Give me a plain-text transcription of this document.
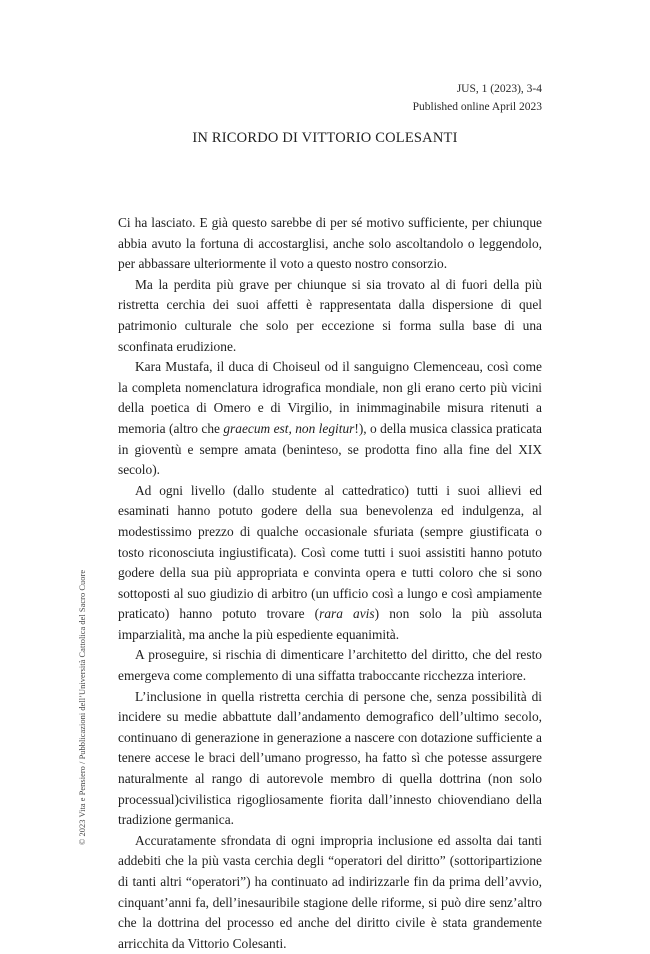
JUS, 1 (2023), 3-4
Published online April 2023
IN RICORDO DI VITTORIO COLESANTI

Ci ha lasciato. E già questo sarebbe di per sé motivo sufficiente, per chiunque abbia avuto la fortuna di accostarglisi, anche solo ascoltandolo o leggendolo, per abbassare ulteriormente il voto a questo nostro consorzio.

Ma la perdita più grave per chiunque si sia trovato al di fuori della più ristretta cerchia dei suoi affetti è rappresentata dalla dispersione di quel patrimonio culturale che solo per eccezione si forma sulla base di una sconfinata erudizione.

Kara Mustafa, il duca di Choiseul od il sanguigno Clemenceau, così come la completa nomenclatura idrografica mondiale, non gli erano certo più vicini della poetica di Omero e di Virgilio, in inimmaginabile misura ritenuti a memoria (altro che graecum est, non legitur!), o della musica classica praticata in gioventù e sempre amata (beninteso, se prodotta fino alla fine del XIX secolo).

Ad ogni livello (dallo studente al cattedratico) tutti i suoi allievi ed esaminati hanno potuto godere della sua benevolenza ed indulgenza, al modestissimo prezzo di qualche occasionale sfuriata (sempre giustificata o tosto riconosciuta ingiustificata). Così come tutti i suoi assistiti hanno potuto godere della sua più appropriata e convinta opera e tutti coloro che si sono sottoposti al suo giudizio di arbitro (un ufficio così a lungo e così ampiamente praticato) hanno potuto trovare (rara avis) non solo la più assoluta imparzialità, ma anche la più espediente equanimità.

A proseguire, si rischia di dimenticare l’architetto del diritto, che del resto emergeva come complemento di una siffatta traboccante ricchezza interiore.

L’inclusione in quella ristretta cerchia di persone che, senza possibilità di incidere su medie abbattute dall’andamento demografico dell’ultimo secolo, continuano di generazione in generazione a nascere con dotazione sufficiente a tenere accese le braci dell’umano progresso, ha fatto sì che potesse assurgere naturalmente al rango di autorevole membro di quella dottrina (non solo processual)civilistica rigogliosamente fiorita dall’innesto chiovendiano della tradizione germanica.

Accuratamente sfrondata di ogni impropria inclusione ed assolta dai tanti addebiti che la più vasta cerchia degli “operatori del diritto” (sottoripartizione di tanti altri “operatori”) ha continuato ad indirizzarle fin da prima dell’avvio, cinquant’anni fa, dell’inesauribile stagione delle riforme, si può dire senz’altro che la dottrina del processo ed anche del diritto civile è stata grandemente arricchita da Vittorio Colesanti.

© 2023 Vita e Pensiero / Pubblicazioni dell’Università Cattolica del Sacro Cuore
